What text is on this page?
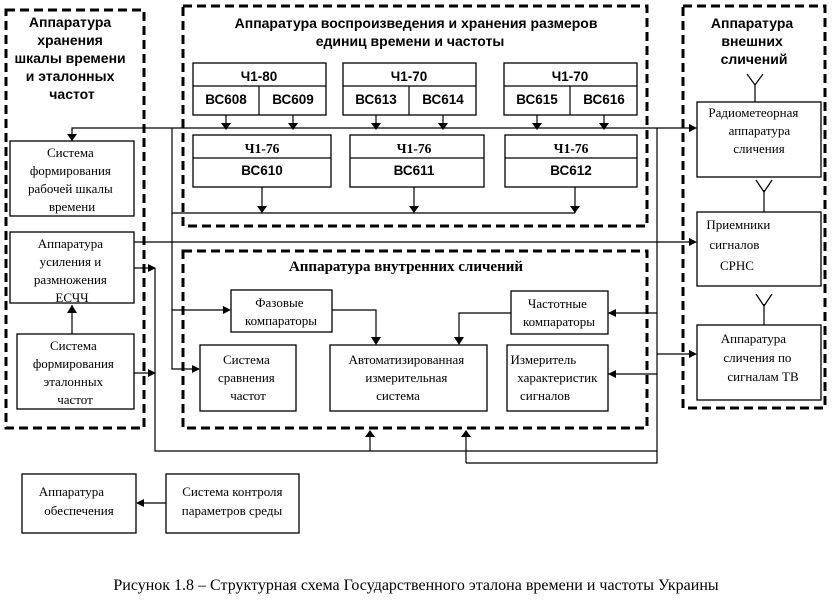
Аппаратура хранения шкалы времени и эталонных частот
Аппаратура воспроизведения и хранения размеров единиц времени и частоты
Аппаратура внешних сличений
Аппаратура внутренних сличений
Система формирования рабочей шкалы времени
Аппаратура усиления и размножения ЕСЧЧ
Система формирования эталонных частот
Ч1-80
ВС608 ВС609
Ч1-70
ВС613 ВС614
Ч1-70
ВС615 ВС616
Ч1-76
ВС610
Ч1-76
ВС611
Ч1-76
ВС612
Фазовые компараторы
Частотные компараторы
Система сравнения частот
Автоматизированная измерительная система
Измеритель характеристик сигналов
Радиометеорная аппаратура сличения
Приемники сигналов СРНС
Аппаратура сличения по сигналам ТВ
Аппаратура обеспечения
Система контроля параметров среды
Рисунок 1.8 – Структурная схема Государственного эталона времени и частоты Украины
